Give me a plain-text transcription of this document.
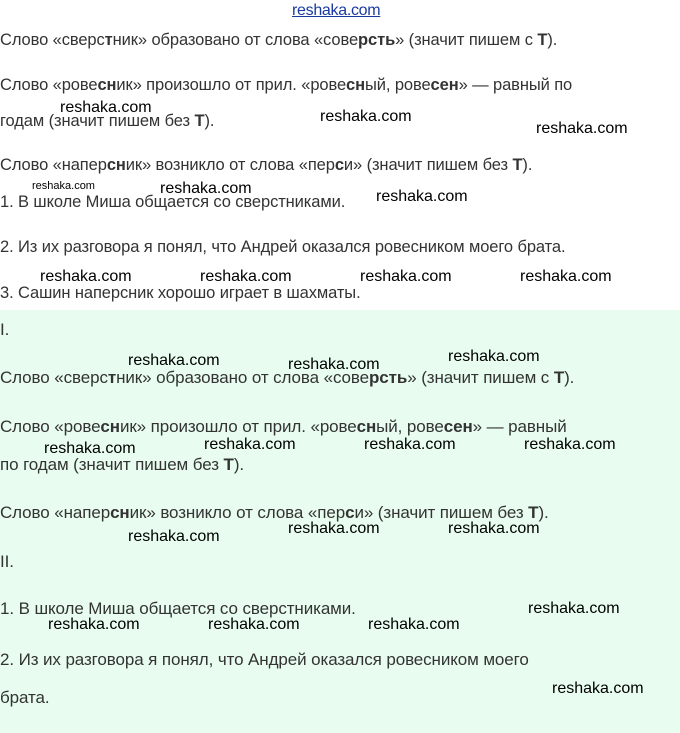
reshaka.com

Слово «сверстник» образовано от слова «соверсть» (значит пишем с Т).

Слово «ровесник» произошло от прил. «ровесный, ровесен» — равный по

годам (значит пишем без Т).

Слово «наперсник» возникло от слова «перси» (значит пишем без Т).

1. В школе Миша общается со сверстниками.

2. Из их разговора я понял, что Андрей оказался ровесником моего брата.

3. Сашин наперсник хорошо играет в шахматы.

I.

Слово «сверстник» образовано от слова «соверсть» (значит пишем с Т).

Слово «ровесник» произошло от прил. «ровесный, ровесен» — равный

по годам (значит пишем без Т).

Слово «наперсник» возникло от слова «перси» (значит пишем без Т).

II.

1. В школе Миша общается со сверстниками.

2. Из их разговора я понял, что Андрей оказался ровесником моего

брата.

reshaka.com
reshaka.com
reshaka.com
reshaka.com	reshaka.com	reshaka.com
reshaka.com	reshaka.com	reshaka.com	reshaka.com
reshaka.com	reshaka.com	reshaka.com
reshaka.com	reshaka.com	reshaka.com	reshaka.com
reshaka.com	reshaka.com	reshaka.com
reshaka.com
reshaka.com	reshaka.com	reshaka.com
reshaka.com
